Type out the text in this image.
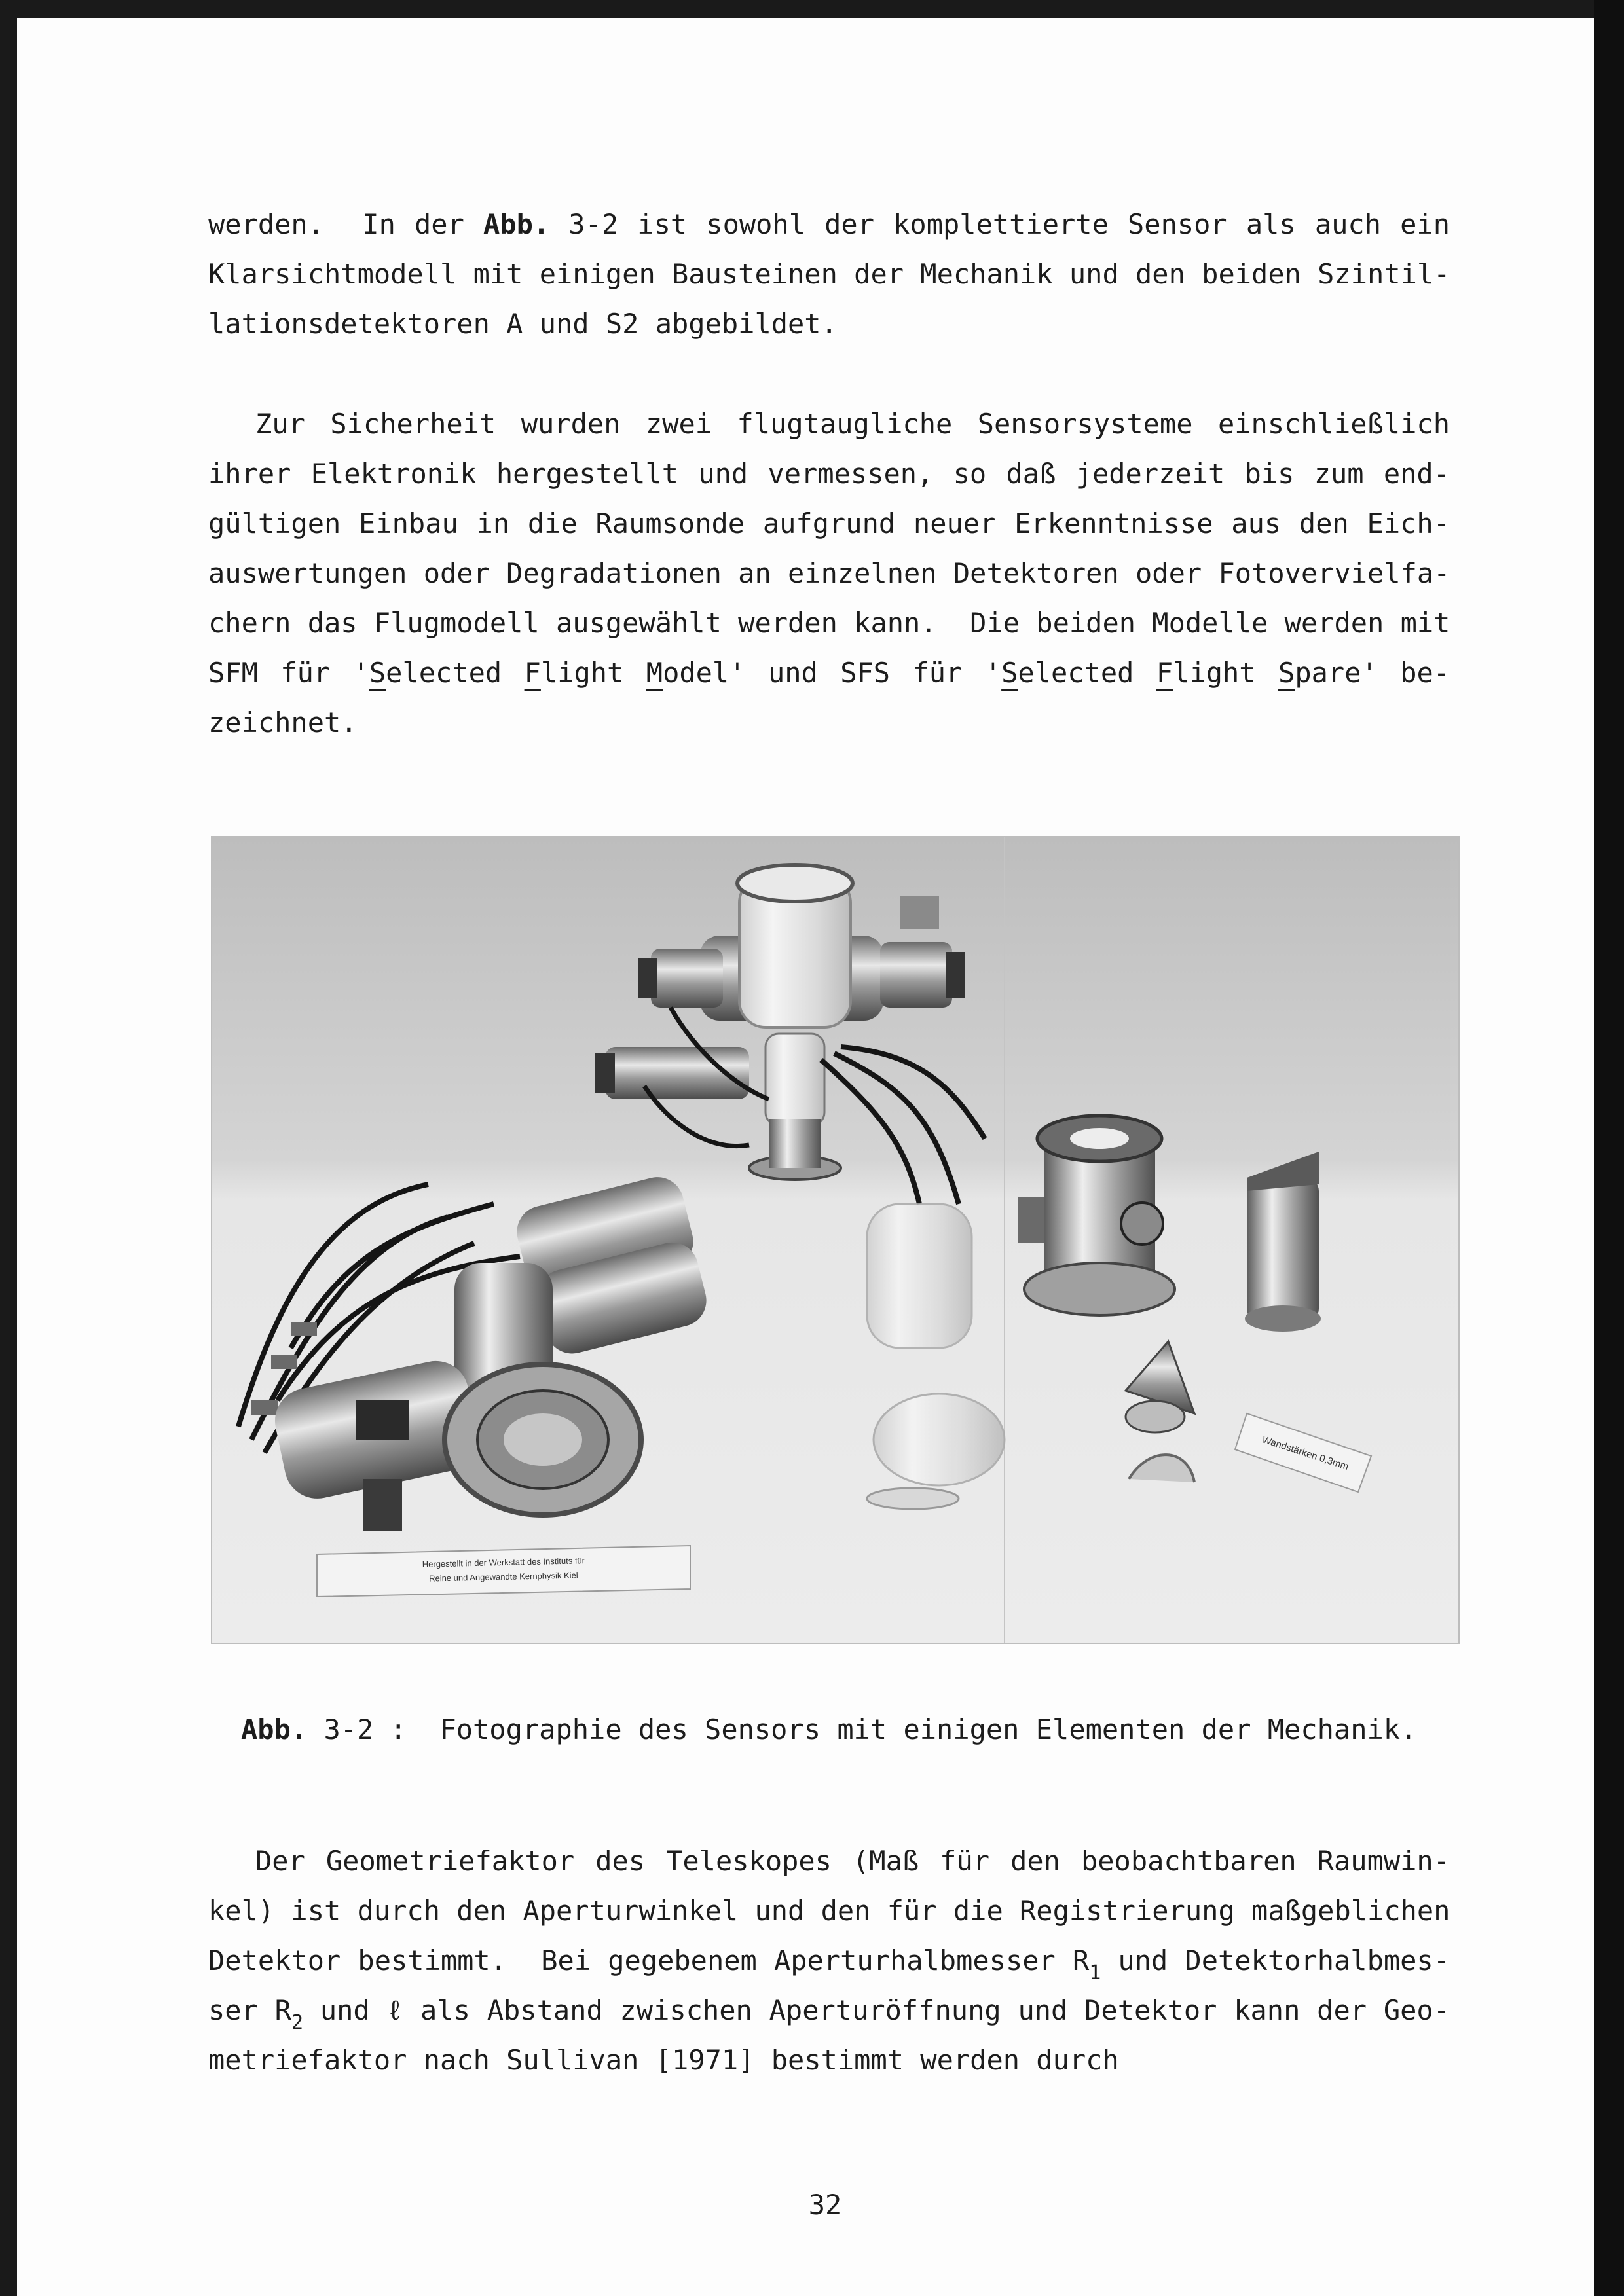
werden.  In der Abb. 3-2 ist sowohl der komplettierte Sensor als auch ein
Klarsichtmodell mit einigen Bausteinen der Mechanik und den beiden Szintil-
lationsdetektoren A und S2 abgebildet.
Zur Sicherheit wurden zwei flugtaugliche Sensorsysteme einschließlich
ihrer Elektronik hergestellt und vermessen, so daß jederzeit bis zum end-
gültigen Einbau in die Raumsonde aufgrund neuer Erkenntnisse aus den Eich-
auswertungen oder Degradationen an einzelnen Detektoren oder Fotovervielfa-
chern das Flugmodell ausgewählt werden kann.  Die beiden Modelle werden mit
SFM für 'Selected Flight Model' und SFS für 'Selected Flight Spare' be-
zeichnet.
Hergestellt in der Werkstatt des Instituts für
Reine und Angewandte Kernphysik Kiel
Wandstärken 0,3mm
Abb. 3-2 :  Fotographie des Sensors mit einigen Elementen der Mechanik.
Der Geometriefaktor des Teleskopes (Maß für den beobachtbaren Raumwin-
kel) ist durch den Aperturwinkel und den für die Registrierung maßgeblichen
Detektor bestimmt.  Bei gegebenem Aperturhalbmesser $R_1$ und Detektorhalbmes-
ser $R_2$ und ℓ als Abstand zwischen Aperturöffnung und Detektor kann der Geo-
metriefaktor nach Sullivan [1971] bestimmt werden durch
32
